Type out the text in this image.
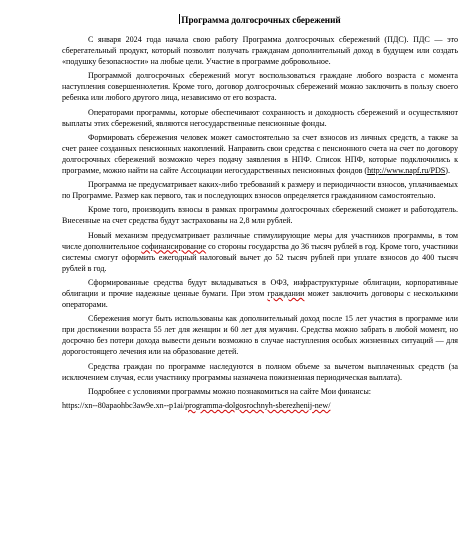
Программа долгосрочных сбережений

С января 2024 года начала свою работу Программа долгосрочных сбережений (ПДС). ПДС — это сберегательный продукт, который позволит получать гражданам дополнительный доход в будущем или создать «подушку безопасности» на любые цели. Участие в программе добровольное.

Программой долгосрочных сбережений могут воспользоваться граждане любого возраста с момента наступления совершеннолетия. Кроме того, договор долгосрочных сбережений можно заключить в пользу своего ребенка или любого другого лица, независимо от его возраста.

Операторами программы, которые обеспечивают сохранность и доходность сбережений и осуществляют выплаты этих сбережений, являются негосударственные пенсионные фонды.

Формировать сбережения человек может самостоятельно за счет взносов из личных средств, а также за счет ранее созданных пенсионных накоплений. Направить свои средства с пенсионного счета на счет по договору долгосрочных сбережений возможно через подачу заявления в НПФ. Список НПФ, которые подключились к программе, можно найти на сайте Ассоциации негосударственных пенсионных фондов (http://www.napf.ru/PDS).

Программа не предусматривает каких-либо требований к размеру и периодичности взносов, уплачиваемых по Программе. Размер как первого, так и последующих взносов определяется гражданином самостоятельно.

Кроме того, производить взносы в рамках программы долгосрочных сбережений сможет и работодатель. Внесенные на счет средства будут застрахованы на 2,8 млн рублей.

Новый механизм предусматривает различные стимулирующие меры для участников программы, в том числе дополнительное софинансирование со стороны государства до 36 тысяч рублей в год. Кроме того, участники системы смогут оформить ежегодный налоговый вычет до 52 тысяч рублей при уплате взносов до 400 тысяч рублей в год.

Сформированные средства будут вкладываться в ОФЗ, инфраструктурные облигации, корпоративные облигации и прочие надежные ценные бумаги. При этом граждании может заключить договоры с несколькими операторами.

Сбережения могут быть использованы как дополнительный доход после 15 лет участия в программе или при достижении возраста 55 лет для женщин и 60 лет для мужчин. Средства можно забрать в любой момент, но досрочно без потери дохода вывести деньги возможно в случае наступления особых жизненных ситуаций — для дорогостоящего лечения или на образование детей.

Средства граждан по программе наследуются в полном объеме за вычетом выплаченных средств (за исключением случая, если участнику программы назначена пожизненная периодическая выплата).

Подробнее с условиями программы можно познакомиться на сайте Мои финансы:

https://xn--80apaohbc3aw9e.xn--p1ai/programma-dolgosrochnyh-sberezhenij-new/
